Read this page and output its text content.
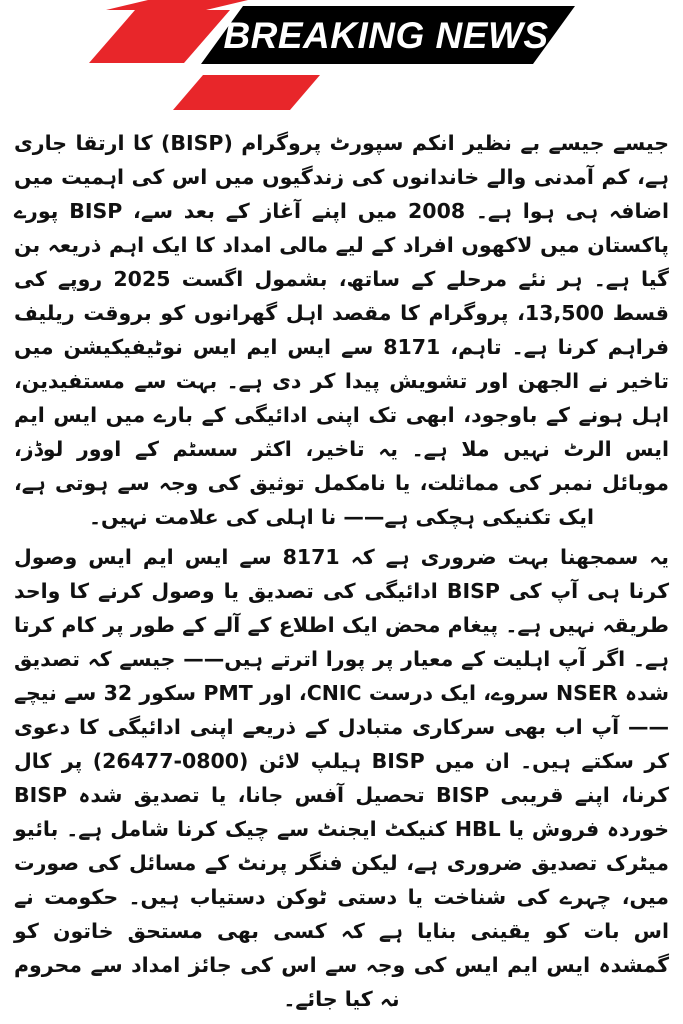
BREAKING NEWS

جیسے جیسے بے نظیر انکم سپورٹ پروگرام (BISP) کا ارتقا جاری ہے، کم آمدنی والے خاندانوں کی زندگیوں میں اس کی اہمیت میں اضافہ ہی ہوا ہے۔ 2008 میں اپنے آغاز کے بعد سے، BISP پورے پاکستان میں لاکھوں افراد کے لیے مالی امداد کا ایک اہم ذریعہ بن گیا ہے۔ ہر نئے مرحلے کے ساتھ، بشمول اگست 2025 روپے کی قسط 13,500، پروگرام کا مقصد اہل گھرانوں کو بروقت ریلیف فراہم کرنا ہے۔ تاہم، 8171 سے ایس ایم ایس نوٹیفیکیشن میں تاخیر نے الجھن اور تشویش پیدا کر دی ہے۔ بہت سے مستفیدین، اہل ہونے کے باوجود، ابھی تک اپنی ادائیگی کے بارے میں ایس ایم ایس الرٹ نہیں ملا ہے۔ یہ تاخیر، اکثر سسٹم کے اوور لوڈز، موبائل نمبر کی مماثلت، یا نامکمل توثیق کی وجہ سے ہوتی ہے، ایک تکنیکی ہچکی ہے—— نا اہلی کی علامت نہیں۔

یہ سمجھنا بہت ضروری ہے کہ 8171 سے ایس ایم ایس وصول کرنا ہی آپ کی BISP ادائیگی کی تصدیق یا وصول کرنے کا واحد طریقہ نہیں ہے۔ پیغام محض ایک اطلاع کے آلے کے طور پر کام کرتا ہے۔ اگر آپ اہلیت کے معیار پر پورا اترتے ہیں—— جیسے کہ تصدیق شدہ NSER سروے، ایک درست CNIC، اور PMT سکور 32 سے نیچے—— آپ اب بھی سرکاری متبادل کے ذریعے اپنی ادائیگی کا دعوی کر سکتے ہیں۔ ان میں BISP ہیلپ لائن (0800-26477) پر کال کرنا، اپنے قریبی BISP تحصیل آفس جانا، یا تصدیق شدہ BISP خوردہ فروش یا HBL کنیکٹ ایجنٹ سے چیک کرنا شامل ہے۔ بائیو میٹرک تصدیق ضروری ہے، لیکن فنگر پرنٹ کے مسائل کی صورت میں، چہرے کی شناخت یا دستی ٹوکن دستیاب ہیں۔ حکومت نے اس بات کو یقینی بنایا ہے کہ کسی بھی مستحق خاتون کو گمشدہ ایس ایم ایس کی وجہ سے اس کی جائز امداد سے محروم نہ کیا جائے۔
